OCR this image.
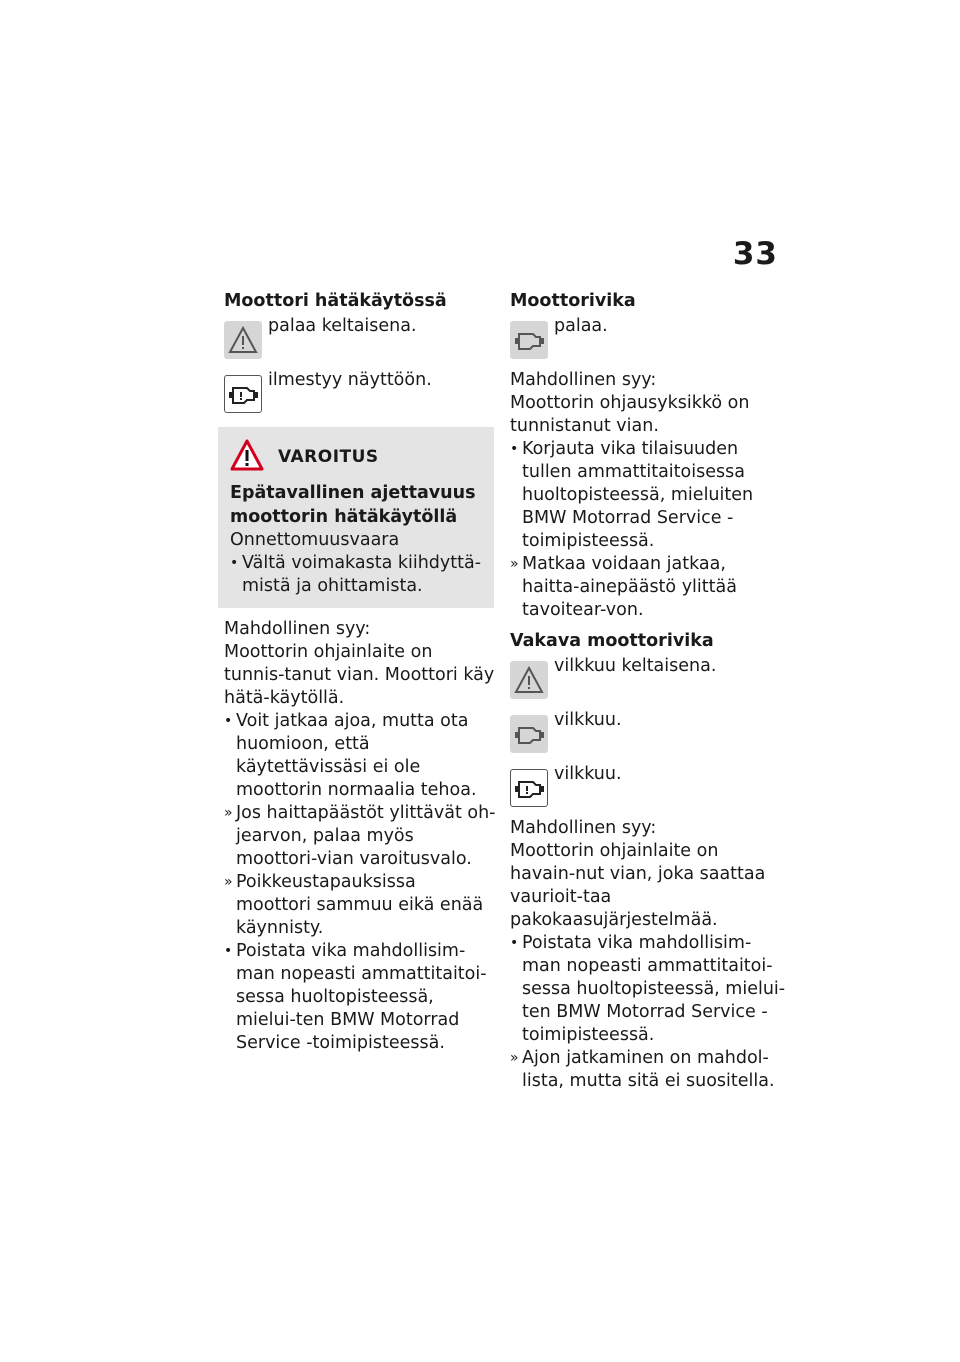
33
Moottori hätäkäytössä
palaa keltaisena.
ilmestyy näyttöön.
VAROITUS
Epätavallinen ajettavuus moottorin hätäkäytöllä
Onnettomuusvaara
• Vältä voimakasta kiihdyttä-mistä ja ohittamista.
Mahdollinen syy:
Moottorin ohjainlaite on tunnis-tanut vian. Moottori käy hätä-käytöllä.
• Voit jatkaa ajoa, mutta ota huomioon, että käytettävissäsi ei ole moottorin normaalia tehoa.
» Jos haittapäästöt ylittävät oh-jearvon, palaa myös moottori-vian varoitusvalo.
» Poikkeustapauksissa moottori sammuu eikä enää käynnisty.
• Poistata vika mahdollisim-man nopeasti ammattitaitoi-sessa huoltopisteessä, mielui-ten BMW Motorrad Service -toimipisteessä.
Moottorivika
palaa.
Mahdollinen syy:
Moottorin ohjausyksikkö on tunnistanut vian.
• Korjauta vika tilaisuuden tullen ammattitaitoisessa huoltopisteessä, mieluiten BMW Motorrad Service -toimipisteessä.
» Matkaa voidaan jatkaa, haitta-ainepäästö ylittää tavoitear-von.
Vakava moottorivika
vilkkuu keltaisena.
vilkkuu.
vilkkuu.
Mahdollinen syy:
Moottorin ohjainlaite on havain-nut vian, joka saattaa vaurioit-taa pakokaasujärjestelmää.
• Poistata vika mahdollisim-man nopeasti ammattitaitoi-sessa huoltopisteessä, mielui-ten BMW Motorrad Service -toimipisteessä.
» Ajon jatkaminen on mahdol-lista, mutta sitä ei suositella.
